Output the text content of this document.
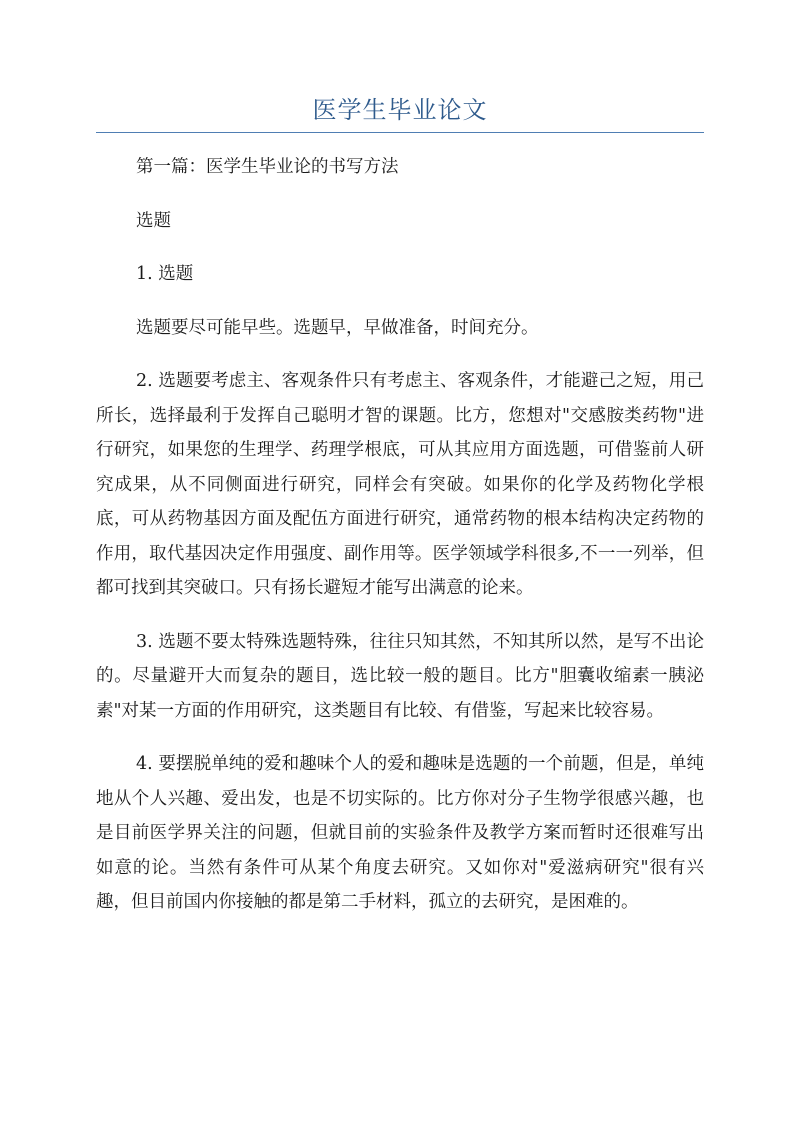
医学生毕业论文

第一篇：医学生毕业论的书写方法

选题

1. 选题

选题要尽可能早些。选题早，早做准备，时间充分。

2. 选题要考虑主、客观条件只有考虑主、客观条件，才能避己之短，用己所长，选择最利于发挥自己聪明才智的课题。比方，您想对"交感胺类药物"进行研究，如果您的生理学、药理学根底，可从其应用方面选题，可借鉴前人研究成果，从不同侧面进行研究，同样会有突破。如果你的化学及药物化学根底，可从药物基因方面及配伍方面进行研究，通常药物的根本结构决定药物的作用，取代基因决定作用强度、副作用等。医学领域学科很多,不一一列举，但都可找到其突破口。只有扬长避短才能写出满意的论来。

3. 选题不要太特殊选题特殊，往往只知其然，不知其所以然，是写不出论的。尽量避开大而复杂的题目，选比较一般的题目。比方"胆囊收缩素一胰泌素"对某一方面的作用研究，这类题目有比较、有借鉴，写起来比较容易。

4. 要摆脱单纯的爱和趣味个人的爱和趣味是选题的一个前题，但是，单纯地从个人兴趣、爱出发，也是不切实际的。比方你对分子生物学很感兴趣，也是目前医学界关注的问题，但就目前的实验条件及教学方案而暂时还很难写出如意的论。当然有条件可从某个角度去研究。又如你对"爱滋病研究"很有兴趣，但目前国内你接触的都是第二手材料，孤立的去研究，是困难的。
